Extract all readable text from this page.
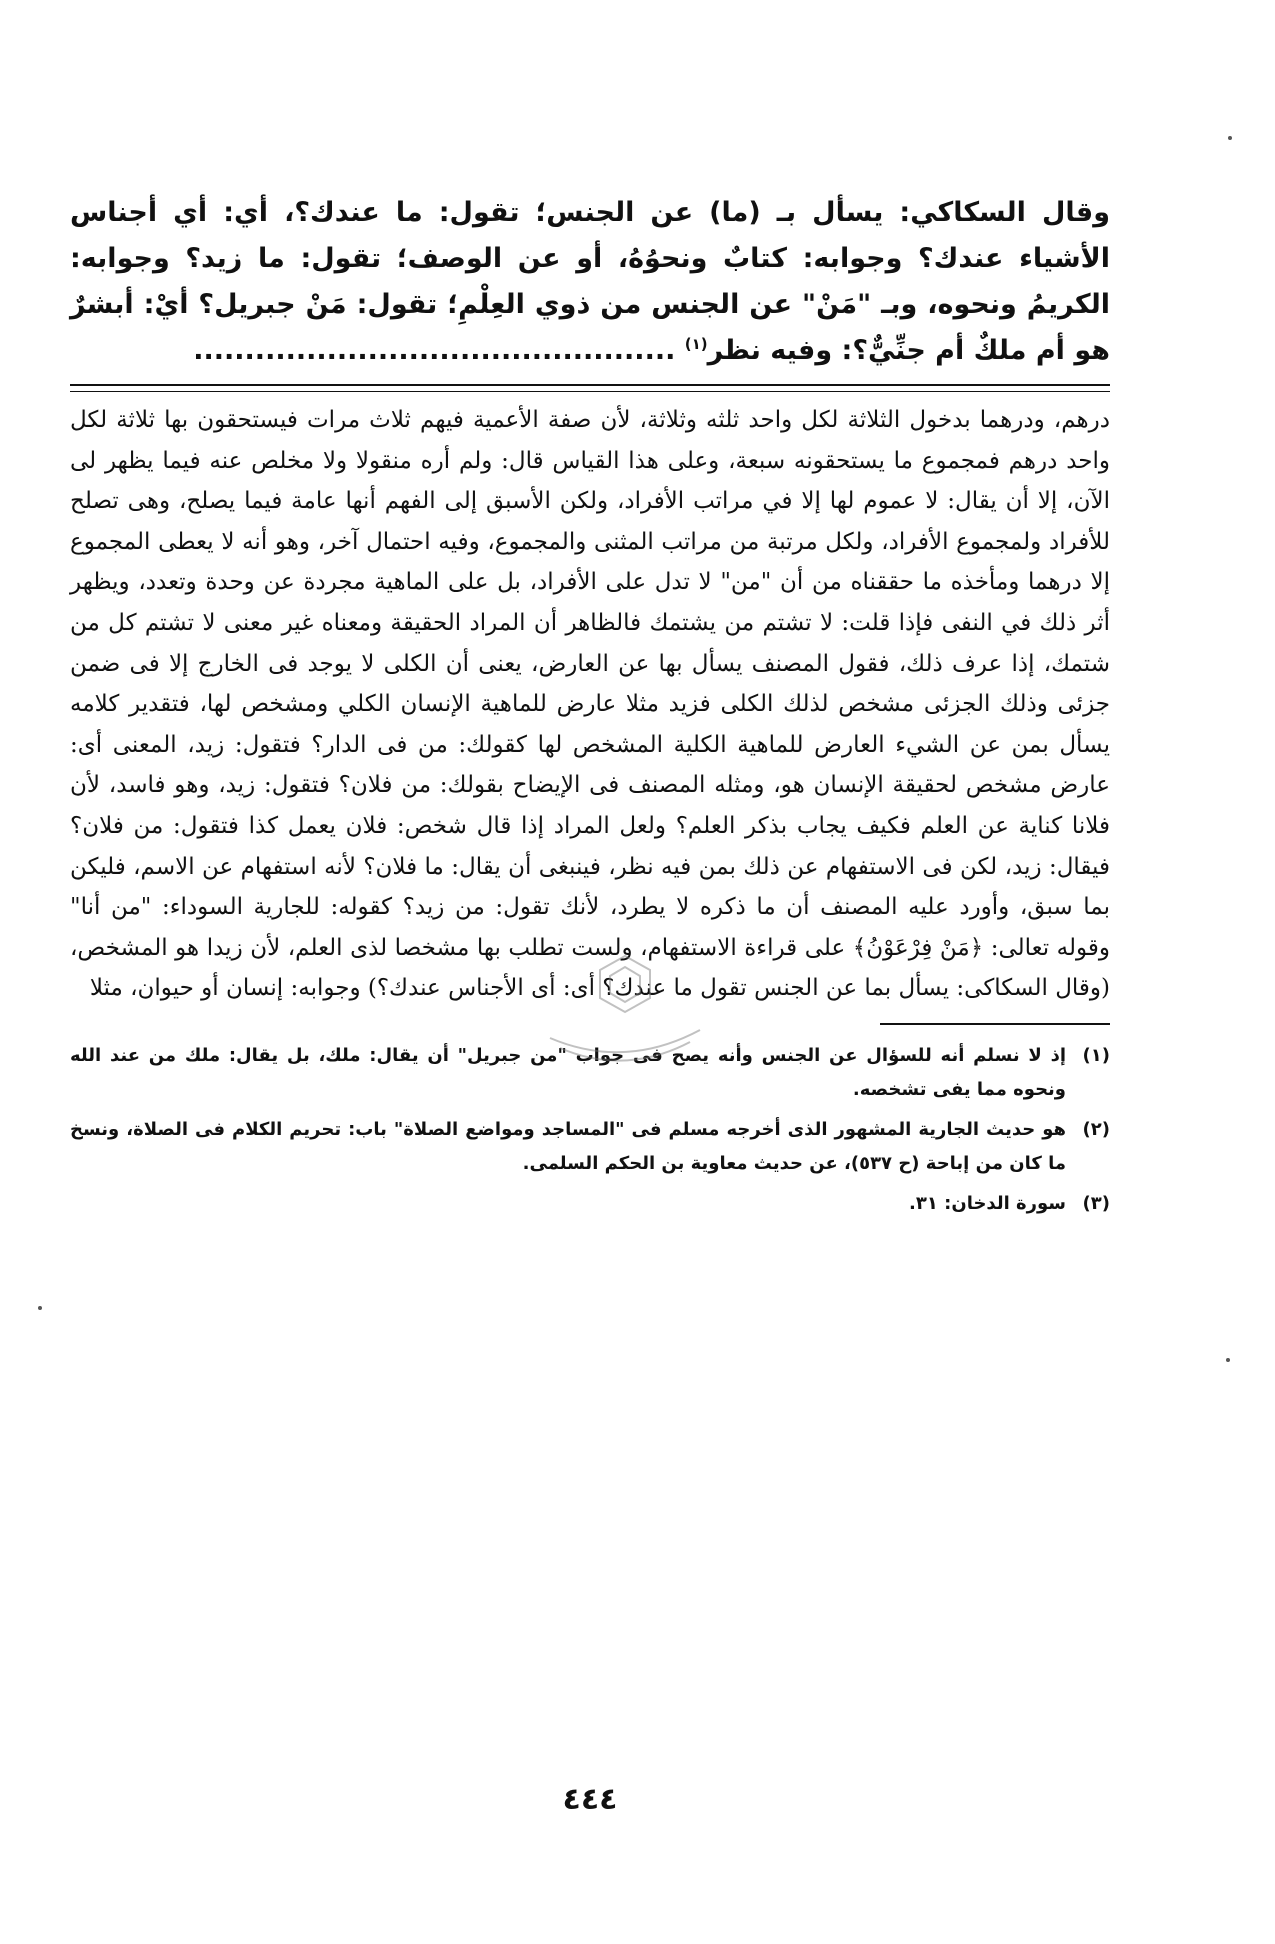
وقال السكاكي: يسأل بـ (ما) عن الجنس؛ تقول: ما عندك؟، أي: أي أجناس الأشياء عندك؟ وجوابه: كتابٌ ونحوُهُ، أو عن الوصف؛ تقول: ما زيد؟ وجوابه: الكريمُ ونحوه، وبـ "مَنْ" عن الجنس من ذوي العِلْمِ؛ تقول: مَنْ جبريل؟ أيْ: أبشرٌ هو أم ملكٌ أم جنِّيٌّ؟: وفيه نظر$^{(١)}$ ...............................................

درهم، ودرهما بدخول الثلاثة لكل واحد ثلثه وثلاثة، لأن صفة الأعمية فيهم ثلاث مرات فيستحقون بها ثلاثة لكل واحد درهم فمجموع ما يستحقونه سبعة، وعلى هذا القياس قال: ولم أره منقولا ولا مخلص عنه فيما يظهر لى الآن، إلا أن يقال: لا عموم لها إلا في مراتب الأفراد، ولكن الأسبق إلى الفهم أنها عامة فيما يصلح، وهى تصلح للأفراد ولمجموع الأفراد، ولكل مرتبة من مراتب المثنى والمجموع، وفيه احتمال آخر، وهو أنه لا يعطى المجموع إلا درهما ومأخذه ما حققناه من أن "من" لا تدل على الأفراد، بل على الماهية مجردة عن وحدة وتعدد، ويظهر أثر ذلك في النفى فإذا قلت: لا تشتم من يشتمك فالظاهر أن المراد الحقيقة ومعناه غير معنى لا تشتم كل من شتمك، إذا عرف ذلك، فقول المصنف يسأل بها عن العارض، يعنى أن الكلى لا يوجد فى الخارج إلا فى ضمن جزئى وذلك الجزئى مشخص لذلك الكلى فزيد مثلا عارض للماهية الإنسان الكلي ومشخص لها، فتقدير كلامه يسأل بمن عن الشيء العارض للماهية الكلية المشخص لها كقولك: من فى الدار؟ فتقول: زيد، المعنى أى: عارض مشخص لحقيقة الإنسان هو، ومثله المصنف فى الإيضاح بقولك: من فلان؟ فتقول: زيد، وهو فاسد، لأن فلانا كناية عن العلم فكيف يجاب بذكر العلم؟ ولعل المراد إذا قال شخص: فلان يعمل كذا فتقول: من فلان؟ فيقال: زيد، لكن فى الاستفهام عن ذلك بمن فيه نظر، فينبغى أن يقال: ما فلان؟ لأنه استفهام عن الاسم، فليكن بما سبق، وأورد عليه المصنف أن ما ذكره لا يطرد، لأنك تقول: من زيد؟ كقوله: للجارية السوداء: "من أنا" وقوله تعالى: ﴿مَنْ فِرْعَوْنُ﴾ على قراءة الاستفهام، ولست تطلب بها مشخصا لذى العلم، لأن زيدا هو المشخص، (وقال السكاكى: يسأل بما عن الجنس تقول ما عندك؟ أى: أى الأجناس عندك؟) وجوابه: إنسان أو حيوان، مثلا

(١)
إذ لا نسلم أنه للسؤال عن الجنس وأنه يصح فى جواب "من جبريل" أن يقال: ملك، بل يقال: ملك من عند الله ونحوه مما يفى تشخصه.
(٢)
هو حديث الجارية المشهور الذى أخرجه مسلم فى "المساجد ومواضع الصلاة" باب: تحريم الكلام فى الصلاة، ونسخ ما كان من إباحة (ح ٥٣٧)، عن حديث معاوية بن الحكم السلمى.
(٣)
سورة الدخان: ٣١.
٤٤٤
